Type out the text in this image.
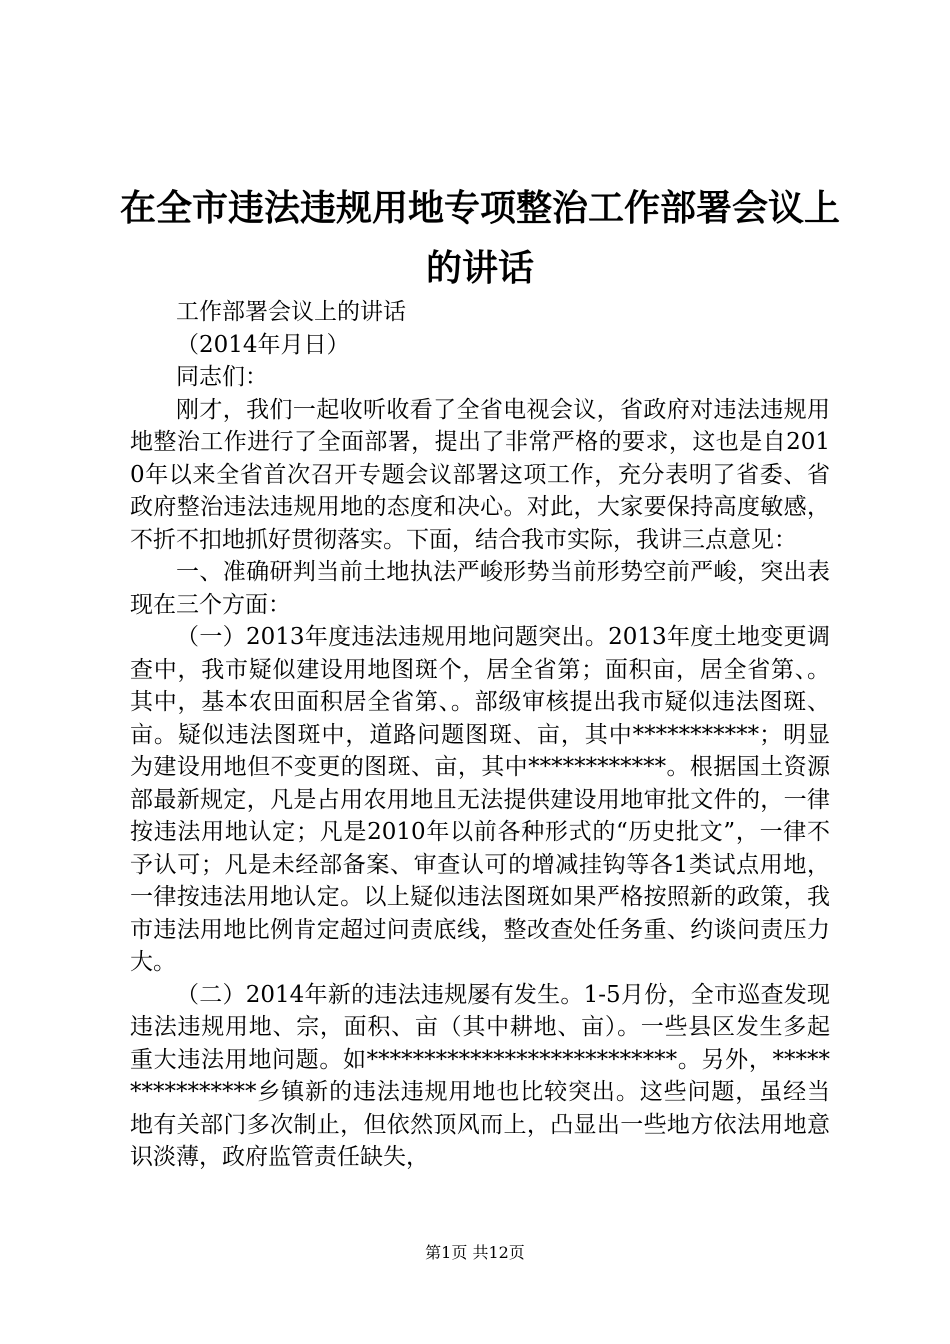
在全市违法违规用地专项整治工作部署会议上的讲话

工作部署会议上的讲话

（2014年月日）

同志们：

刚才，我们一起收听收看了全省电视会议，省政府对违法违规用地整治工作进行了全面部署，提出了非常严格的要求，这也是自2010年以来全省首次召开专题会议部署这项工作，充分表明了省委、省政府整治违法违规用地的态度和决心。对此，大家要保持高度敏感，不折不扣地抓好贯彻落实。下面，结合我市实际，我讲三点意见：

一、准确研判当前土地执法严峻形势当前形势空前严峻，突出表现在三个方面：

（一）2013年度违法违规用地问题突出。2013年度土地变更调查中，我市疑似建设用地图斑个，居全省第；面积亩，居全省第、。其中，基本农田面积居全省第、。部级审核提出我市疑似违法图斑、亩。疑似违法图斑中，道路问题图斑、亩，其中***********；明显为建设用地但不变更的图斑、亩，其中************。根据国土资源部最新规定，凡是占用农用地且无法提供建设用地审批文件的，一律按违法用地认定；凡是2010年以前各种形式的“历史批文”，一律不予认可；凡是未经部备案、审查认可的增减挂钩等各1类试点用地，一律按违法用地认定。以上疑似违法图斑如果严格按照新的政策，我市违法用地比例肯定超过问责底线，整改查处任务重、约谈问责压力大。

（二）2014年新的违法违规屡有发生。1-5月份，全市巡查发现违法违规用地、宗，面积、亩（其中耕地、亩）。一些县区发生多起重大违法用地问题。如***************************。另外，****************乡镇新的违法违规用地也比较突出。这些问题，虽经当地有关部门多次制止，但依然顶风而上，凸显出一些地方依法用地意识淡薄，政府监管责任缺失，

第1页 共12页
